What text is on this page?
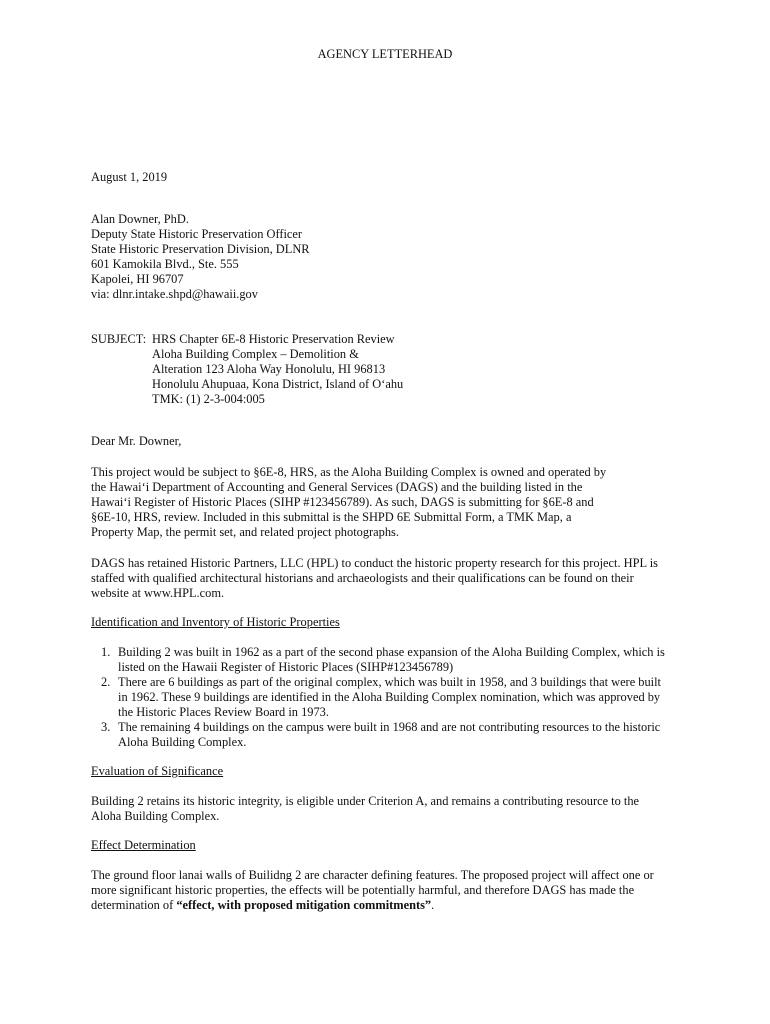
AGENCY LETTERHEAD
August 1, 2019
Alan Downer, PhD.
Deputy State Historic Preservation Officer
State Historic Preservation Division, DLNR
601 Kamokila Blvd., Ste. 555
Kapolei, HI 96707
via: dlnr.intake.shpd@hawaii.gov
SUBJECT: HRS Chapter 6E-8 Historic Preservation Review
Aloha Building Complex – Demolition &
Alteration 123 Aloha Way Honolulu, HI 96813
Honolulu Ahupuaa, Kona District, Island of O‘ahu
TMK: (1) 2-3-004:005
Dear Mr. Downer,
This project would be subject to §6E-8, HRS, as the Aloha Building Complex is owned and operated by
the Hawai‘i Department of Accounting and General Services (DAGS) and the building listed in the
Hawai‘i Register of Historic Places (SIHP #123456789). As such, DAGS is submitting for §6E-8 and
§6E-10, HRS, review. Included in this submittal is the SHPD 6E Submittal Form, a TMK Map, a
Property Map, the permit set, and related project photographs.
DAGS has retained Historic Partners, LLC (HPL) to conduct the historic property research for this project. HPL is
staffed with qualified architectural historians and archaeologists and their qualifications can be found on their
website at www.HPL.com.
Identification and Inventory of Historic Properties
1. Building 2 was built in 1962 as a part of the second phase expansion of the Aloha Building Complex, which is
listed on the Hawaii Register of Historic Places (SIHP#123456789)
2. There are 6 buildings as part of the original complex, which was built in 1958, and 3 buildings that were built
in 1962. These 9 buildings are identified in the Aloha Building Complex nomination, which was approved by
the Historic Places Review Board in 1973.
3. The remaining 4 buildings on the campus were built in 1968 and are not contributing resources to the historic
Aloha Building Complex.
Evaluation of Significance
Building 2 retains its historic integrity, is eligible under Criterion A, and remains a contributing resource to the
Aloha Building Complex.
Effect Determination
The ground floor lanai walls of Builidng 2 are character defining features. The proposed project will affect one or
more significant historic properties, the effects will be potentially harmful, and therefore DAGS has made the
determination of “effect, with proposed mitigation commitments”.
